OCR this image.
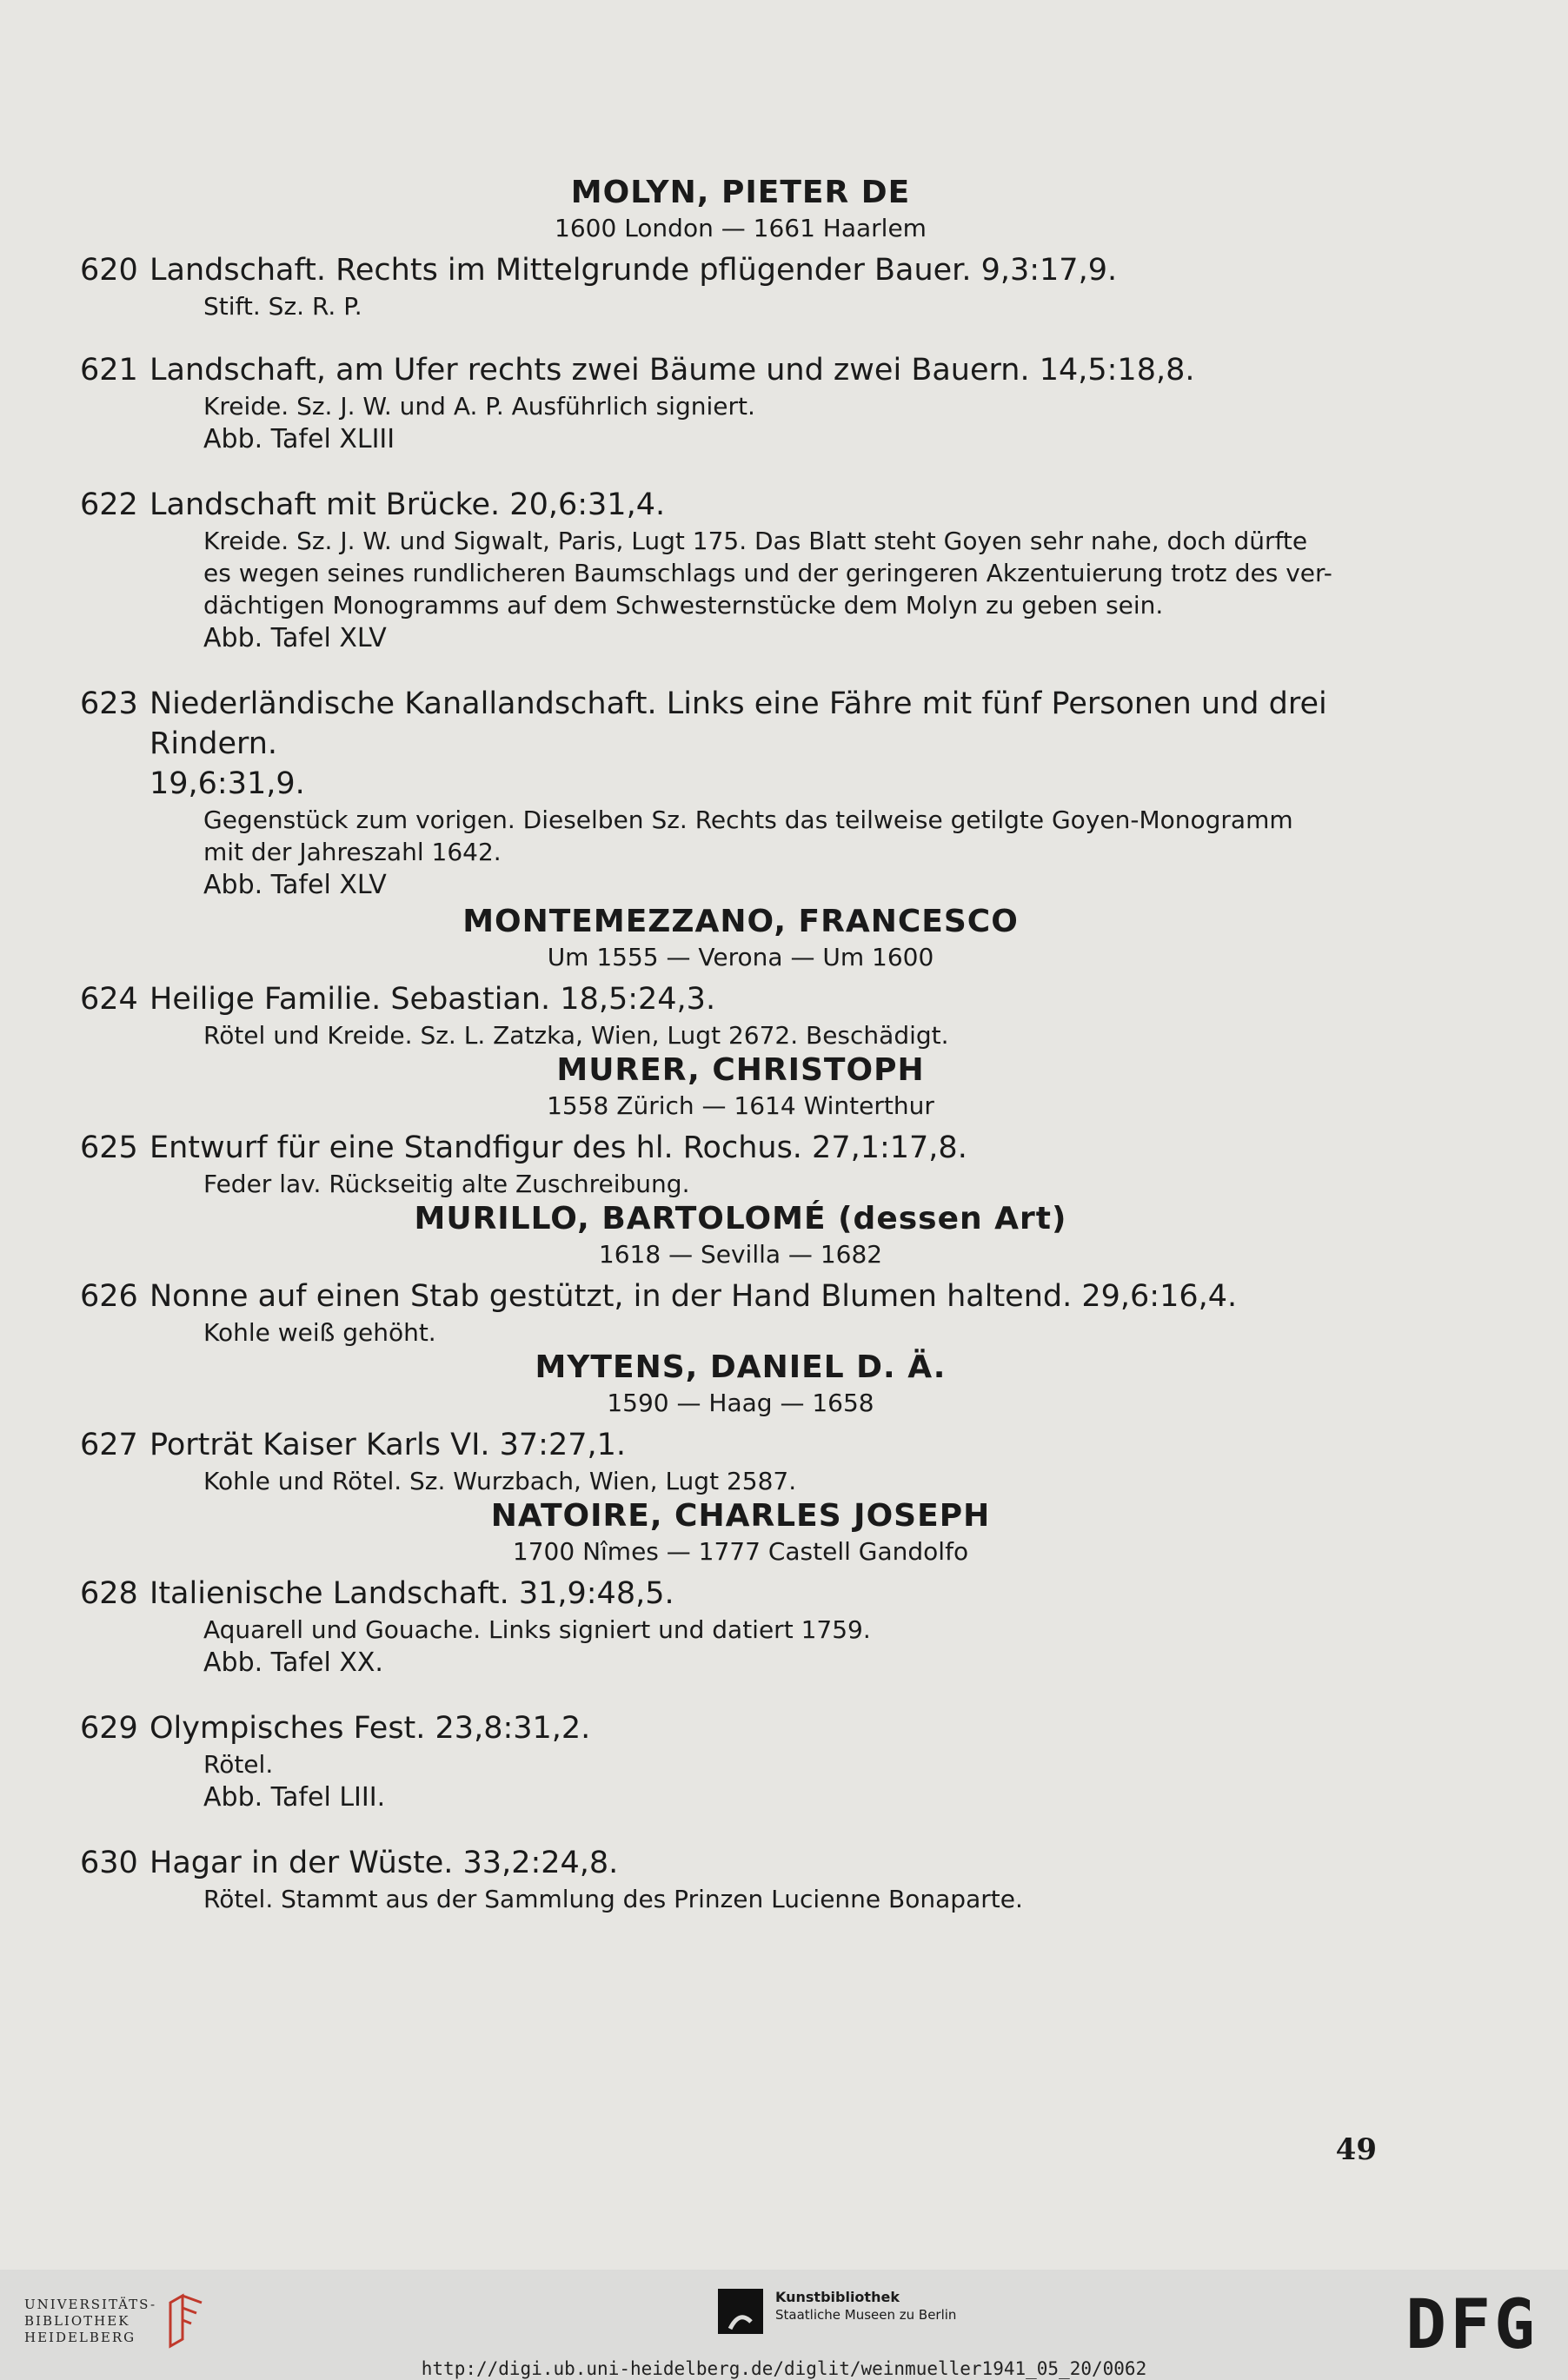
MOLYN, PIETER DE
1600 London — 1661 Haarlem
620 Landschaft. Rechts im Mittelgrunde pflügender Bauer. 9,3:17,9.
Stift. Sz. R. P.
621 Landschaft, am Ufer rechts zwei Bäume und zwei Bauern. 14,5:18,8.
Kreide. Sz. J. W. und A. P. Ausführlich signiert.
Abb. Tafel XLIII
622 Landschaft mit Brücke. 20,6:31,4.
Kreide. Sz. J. W. und Sigwalt, Paris, Lugt 175. Das Blatt steht Goyen sehr nahe, doch dürfte
es wegen seines rundlicheren Baumschlags und der geringeren Akzentuierung trotz des ver-
dächtigen Monogramms auf dem Schwesternstücke dem Molyn zu geben sein.
Abb. Tafel XLV
623 Niederländische Kanallandschaft. Links eine Fähre mit fünf Personen und drei Rindern.
19,6:31,9.
Gegenstück zum vorigen. Dieselben Sz. Rechts das teilweise getilgte Goyen-Monogramm
mit der Jahreszahl 1642.
Abb. Tafel XLV
MONTEMEZZANO, FRANCESCO
Um 1555 — Verona — Um 1600
624 Heilige Familie. Sebastian. 18,5:24,3.
Rötel und Kreide. Sz. L. Zatzka, Wien, Lugt 2672. Beschädigt.
MURER, CHRISTOPH
1558 Zürich — 1614 Winterthur
625 Entwurf für eine Standfigur des hl. Rochus. 27,1:17,8.
Feder lav. Rückseitig alte Zuschreibung.
MURILLO, BARTOLOMÉ (dessen Art)
1618 — Sevilla — 1682
626 Nonne auf einen Stab gestützt, in der Hand Blumen haltend. 29,6:16,4.
Kohle weiß gehöht.
MYTENS, DANIEL D. Ä.
1590 — Haag — 1658
627 Porträt Kaiser Karls VI. 37:27,1.
Kohle und Rötel. Sz. Wurzbach, Wien, Lugt 2587.
NATOIRE, CHARLES JOSEPH
1700 Nîmes — 1777 Castell Gandolfo
628 Italienische Landschaft. 31,9:48,5.
Aquarell und Gouache. Links signiert und datiert 1759.
Abb. Tafel XX.
629 Olympisches Fest. 23,8:31,2.
Rötel.
Abb. Tafel LIII.
630 Hagar in der Wüste. 33,2:24,8.
Rötel. Stammt aus der Sammlung des Prinzen Lucienne Bonaparte.
49
UNIVERSITÄTS-
BIBLIOTHEK
HEIDELBERG
Kunstbibliothek
Staatliche Museen zu Berlin	DFG
http://digi.ub.uni-heidelberg.de/diglit/weinmueller1941_05_20/0062
